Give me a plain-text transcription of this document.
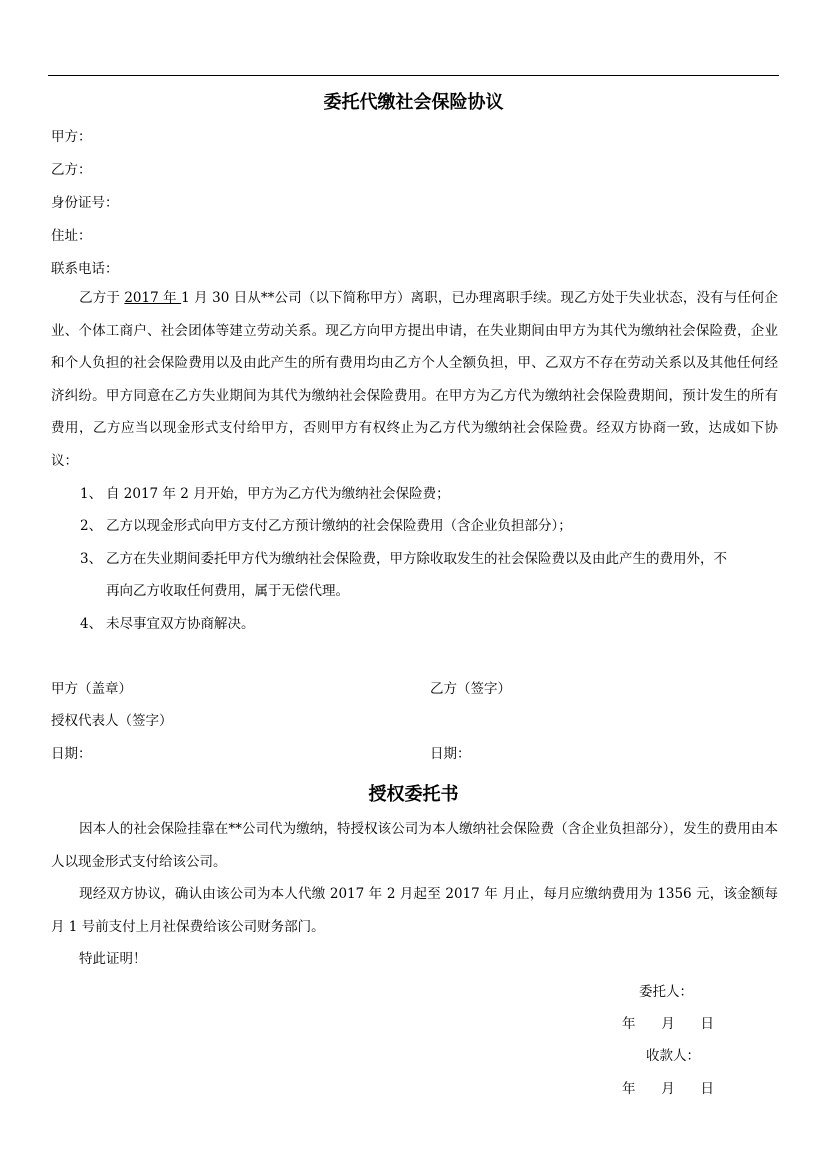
委托代缴社会保险协议
甲方：
乙方：
身份证号：
住址：
联系电话：
乙方于 2017 年 1 月 30 日从**公司（以下简称甲方）离职，已办理离职手续。现乙方处于失业状态，没有与任何企业、个体工商户、社会团体等建立劳动关系。现乙方向甲方提出申请，在失业期间由甲方为其代为缴纳社会保险费，企业和个人负担的社会保险费用以及由此产生的所有费用均由乙方个人全额负担，甲、乙双方不存在劳动关系以及其他任何经济纠纷。甲方同意在乙方失业期间为其代为缴纳社会保险费用。在甲方为乙方代为缴纳社会保险费期间，预计发生的所有费用，乙方应当以现金形式支付给甲方，否则甲方有权终止为乙方代为缴纳社会保险费。经双方协商一致，达成如下协议：
1、 自 2017 年 2 月开始，甲方为乙方代为缴纳社会保险费；
2、 乙方以现金形式向甲方支付乙方预计缴纳的社会保险费用（含企业负担部分）；
3、 乙方在失业期间委托甲方代为缴纳社会保险费，甲方除收取发生的社会保险费以及由此产生的费用外，不
再向乙方收取任何费用，属于无偿代理。
4、 未尽事宜双方协商解决。
甲方（盖章）	乙方（签字）
授权代表人（签字）
日期：	日期：
授权委托书
因本人的社会保险挂靠在**公司代为缴纳，特授权该公司为本人缴纳社会保险费（含企业负担部分），发生的费用由本人以现金形式支付给该公司。
现经双方协议，确认由该公司为本人代缴 2017 年 2 月起至 2017 年 月止，每月应缴纳费用为 1356 元，该金额每月 1 号前支付上月社保费给该公司财务部门。
特此证明！
委托人：
年      月      日
收款人：
年      月      日
